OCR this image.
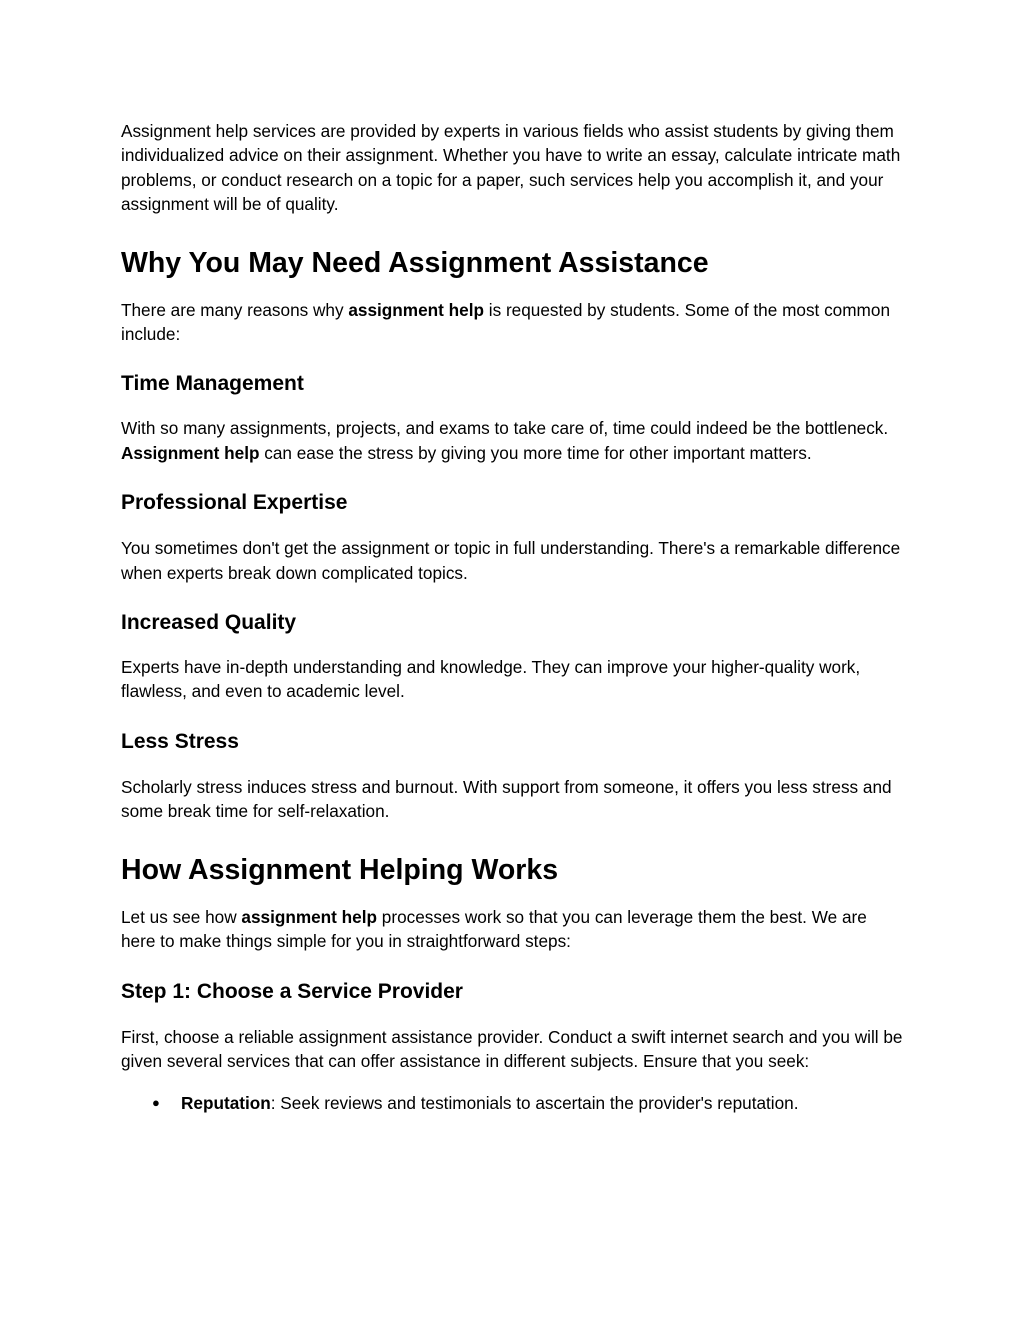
Assignment help services are provided by experts in various fields who assist students by giving them individualized advice on their assignment. Whether you have to write an essay, calculate intricate math problems, or conduct research on a topic for a paper, such services help you accomplish it, and your assignment will be of quality.

Why You May Need Assignment Assistance

There are many reasons why assignment help is requested by students. Some of the most common include:

Time Management

With so many assignments, projects, and exams to take care of, time could indeed be the bottleneck. Assignment help can ease the stress by giving you more time for other important matters.

Professional Expertise

You sometimes don't get the assignment or topic in full understanding. There's a remarkable difference when experts break down complicated topics.

Increased Quality

Experts have in-depth understanding and knowledge. They can improve your higher-quality work, flawless, and even to academic level.

Less Stress

Scholarly stress induces stress and burnout. With support from someone, it offers you less stress and some break time for self-relaxation.

How Assignment Helping Works

Let us see how assignment help processes work so that you can leverage them the best. We are here to make things simple for you in straightforward steps:

Step 1: Choose a Service Provider

First, choose a reliable assignment assistance provider. Conduct a swift internet search and you will be given several services that can offer assistance in different subjects. Ensure that you seek:

● Reputation: Seek reviews and testimonials to ascertain the provider's reputation.
